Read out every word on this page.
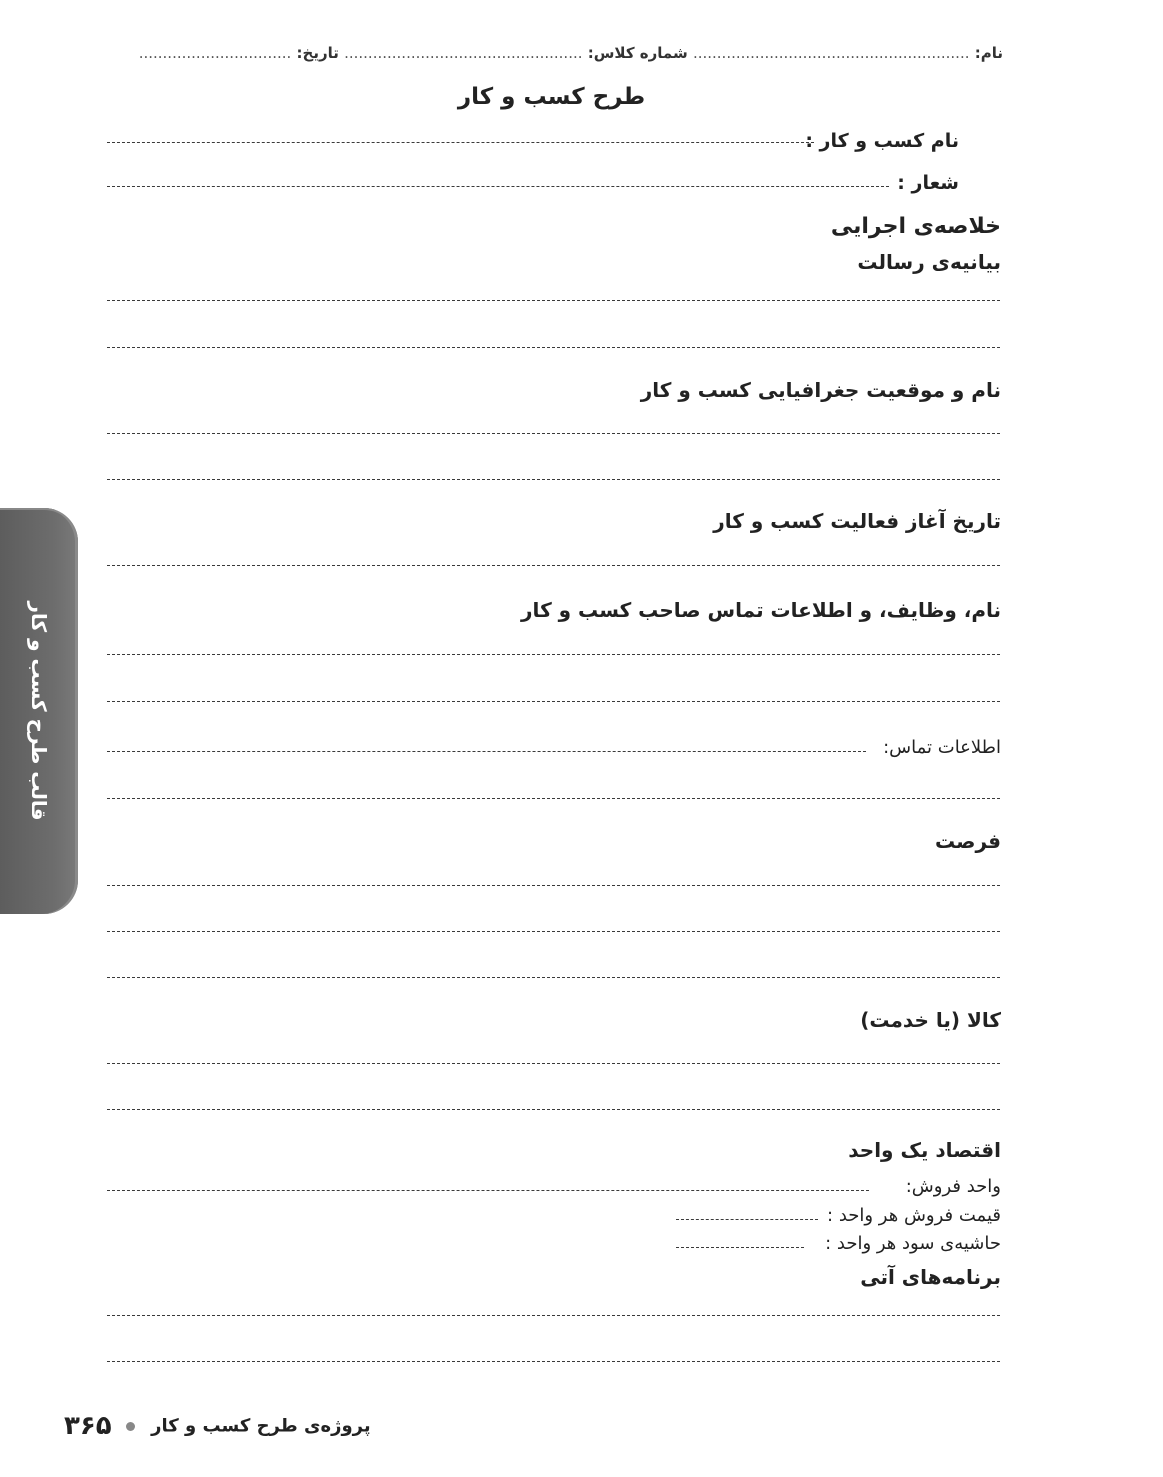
نام: .......................................................... شماره کلاس: .................................................. تاریخ: ................................
طرح کسب و کار
نام کسب و کار :
شعار :
خلاصه‌ی اجرایی
بیانیه‌ی رسالت
نام و موقعیت جغرافیایی کسب و کار
تاریخ آغاز فعالیت کسب و کار
نام، وظایف، و اطلاعات تماس صاحب کسب و کار
اطلاعات تماس:
فرصت
کالا (یا خدمت)
اقتصاد یک واحد
واحد فروش:
قیمت فروش هر واحد :
حاشیه‌ی سود هر واحد :
برنامه‌های آتی
قالب طرح کسب و کار
۳۶۵ پروژه‌ی طرح کسب و کار
